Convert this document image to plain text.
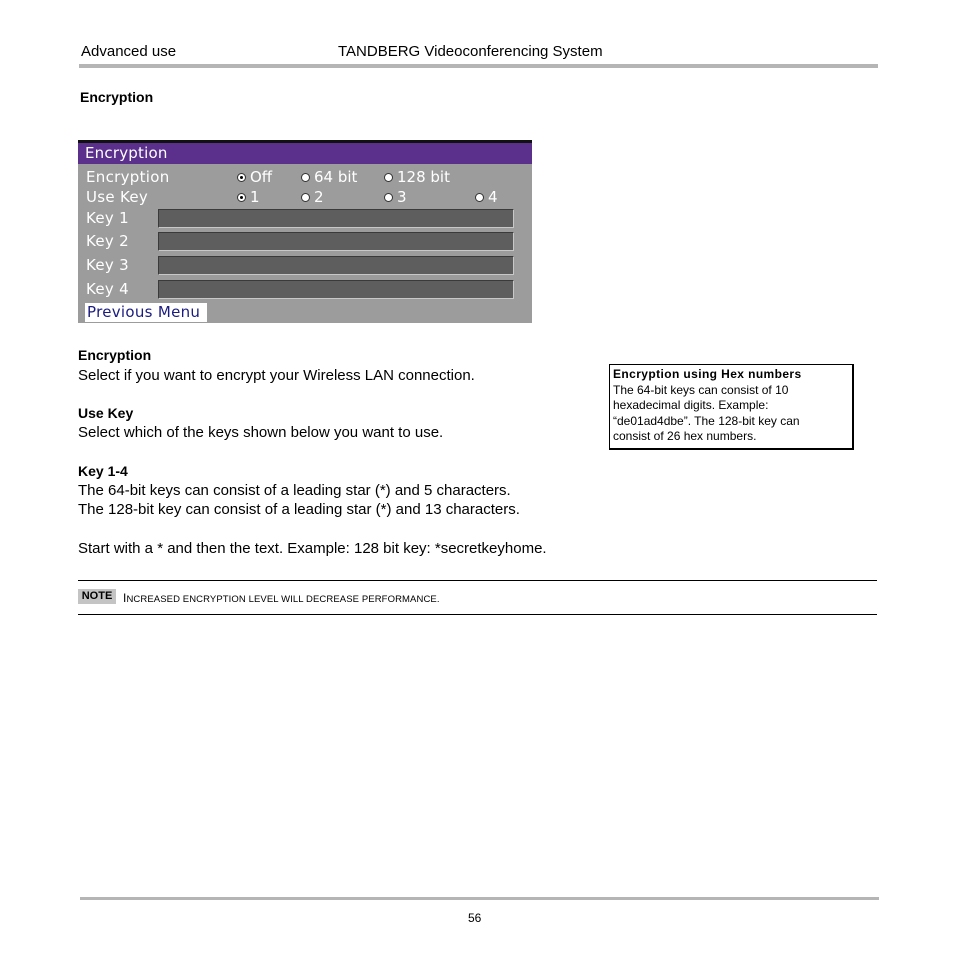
Advanced use	TANDBERG Videoconferencing System
Encryption
Encryption
Encryption	Off	64 bit	128 bit
Use Key	1	2	3	4
Key 1
Key 2
Key 3
Key 4
Previous Menu
Encryption
Select if you want to encrypt your Wireless LAN connection.
Use Key
Select which of the keys shown below you want to use.
Key 1-4
The 64-bit keys can consist of a leading star (*) and 5 characters.
The 128-bit key can consist of a leading star (*) and 13 characters.
Start with a * and then the text. Example: 128 bit key: *secretkeyhome.
Encryption using Hex numbers
The 64-bit keys can consist of 10
hexadecimal digits. Example:
“de01ad4dbe”. The 128-bit key can
consist of 26 hex numbers.
NOTE INCREASED ENCRYPTION LEVEL WILL DECREASE PERFORMANCE.
56
